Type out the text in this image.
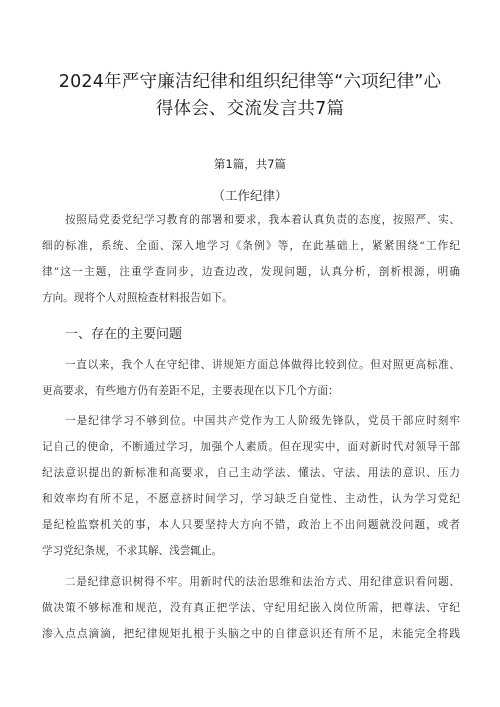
2024年严守廉洁纪律和组织纪律等“六项纪律”心
得体会、交流发言共7篇
第1篇，共7篇
（工作纪律）
按照局党委党纪学习教育的部署和要求，我本着认真负责的态度，按照严、实、
细的标准，系统、全面、深入地学习《条例》等，在此基础上，紧紧围绕“工作纪
律”这一主题，注重学查同步，边查边改，发现问题，认真分析，剖析根源，明确
方向。现将个人对照检查材料报告如下。
一、存在的主要问题
一直以来，我个人在守纪律、讲规矩方面总体做得比较到位。但对照更高标准、
更高要求，有些地方仍有差距不足，主要表现在以下几个方面：
一是纪律学习不够到位。中国共产党作为工人阶级先锋队，党员干部应时刻牢
记自己的使命，不断通过学习，加强个人素质。但在现实中，面对新时代对领导干部
纪法意识提出的新标准和高要求，自己主动学法、懂法、守法、用法的意识、压力
和效率均有所不足，不愿意挤时间学习，学习缺乏自觉性、主动性，认为学习党纪
是纪检监察机关的事，本人只要坚持大方向不错，政治上不出问题就没问题，或者
学习党纪条规，不求其解、浅尝辄止。
二是纪律意识树得不牢。用新时代的法治思维和法治方式、用纪律意识看问题、
做决策不够标准和规范，没有真正把学法、守纪用纪嵌入岗位所需，把尊法、守纪
渗入点点滴滴，把纪律规矩扎根于头脑之中的自律意识还有所不足，未能完全将践
